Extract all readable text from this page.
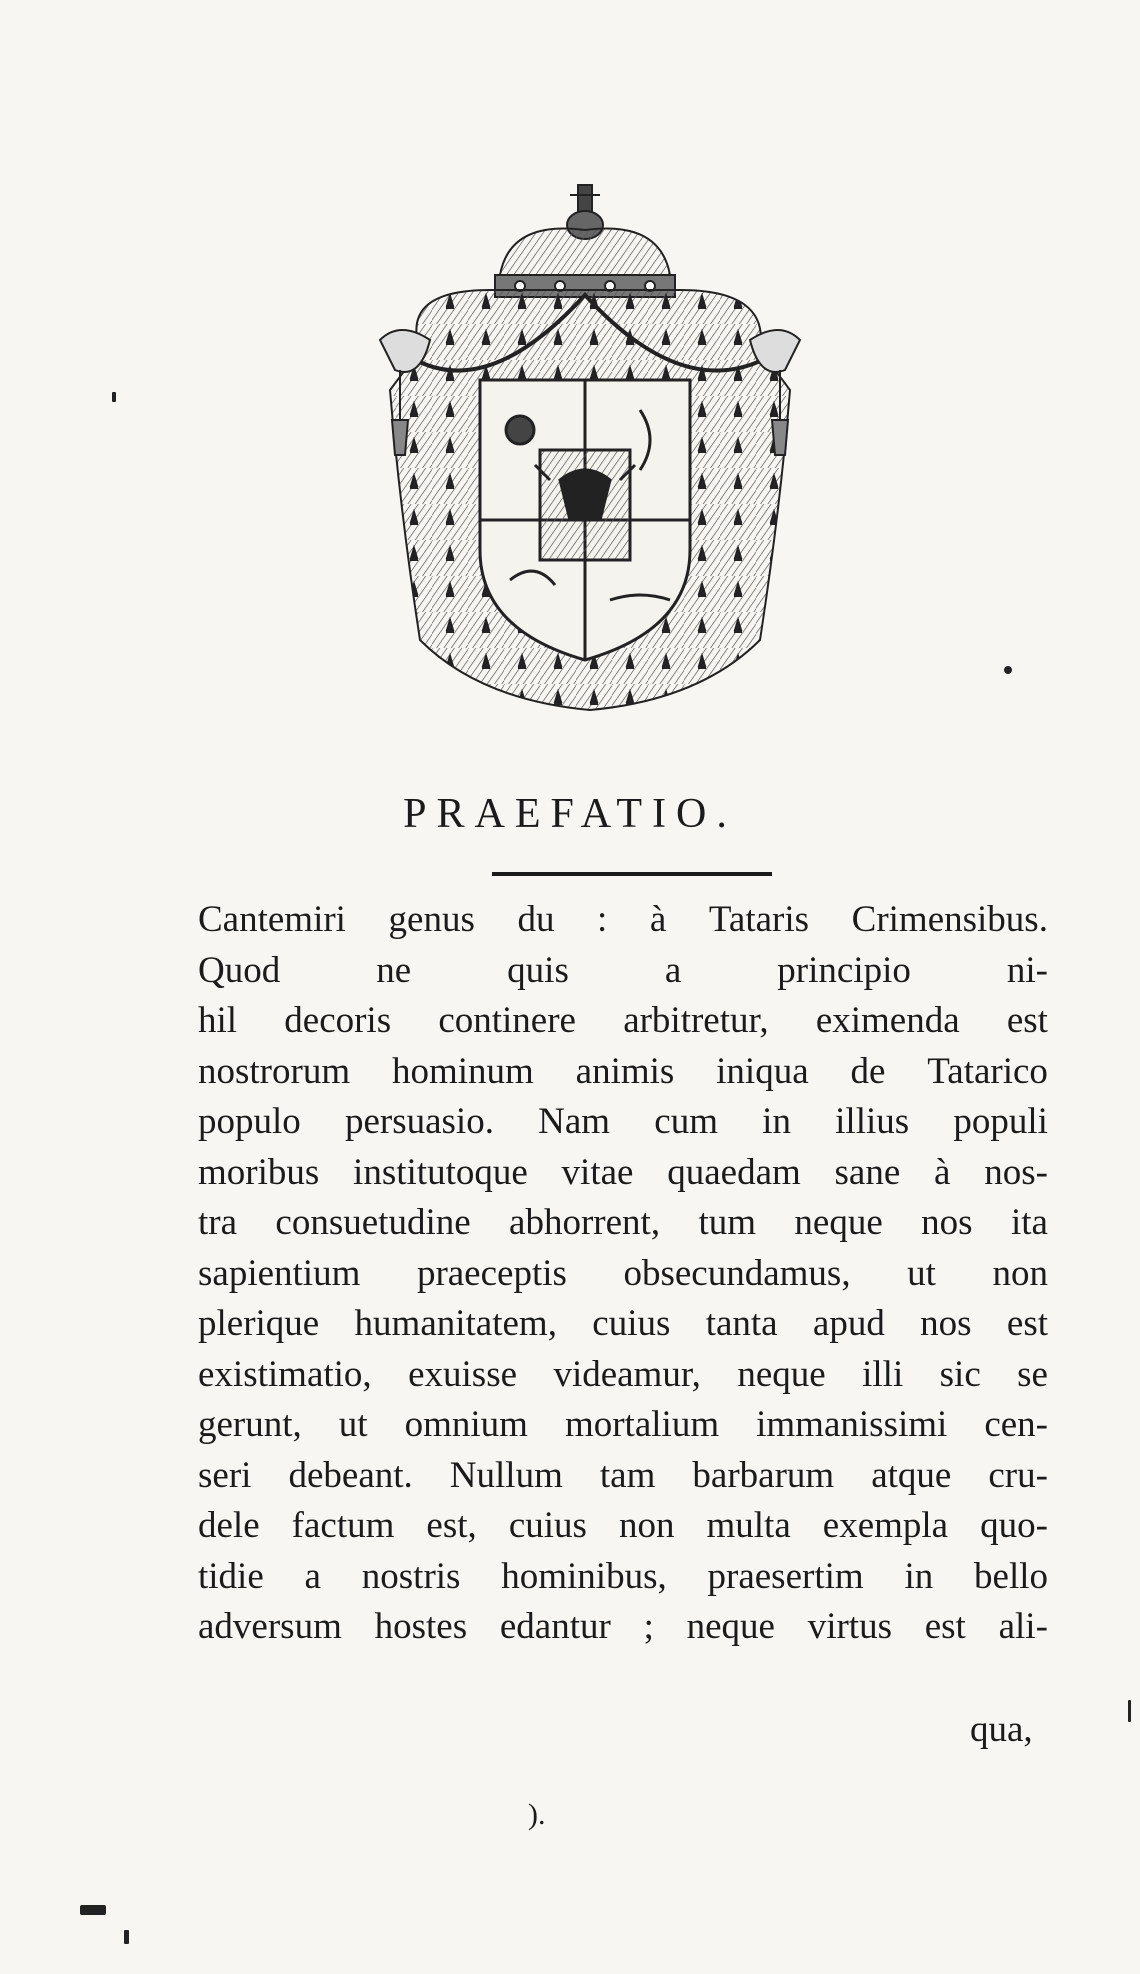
PRAEFATIO.
Cantemiri genus du : à Tataris Crimensibus.
Quod	ne	quis	a	principio	ni-
hil decoris continere arbitretur, eximenda est
nostrorum hominum animis iniqua de Tatarico
populo persuasio. Nam cum in illius populi
moribus institutoque vitae quaedam sane à nos-
tra consuetudine abhorrent, tum neque nos ita
sapientium praeceptis obsecundamus, ut non
plerique humanitatem, cuius tanta apud nos est
existimatio, exuisse videamur, neque illi sic se
gerunt, ut omnium mortalium immanissimi cen-
seri debeant. Nullum tam barbarum atque cru-
dele factum est, cuius non multa exempla quo-
tidie a nostris hominibus, praesertim in bello
adversum hostes edantur ; neque virtus est ali-
qua,
).
